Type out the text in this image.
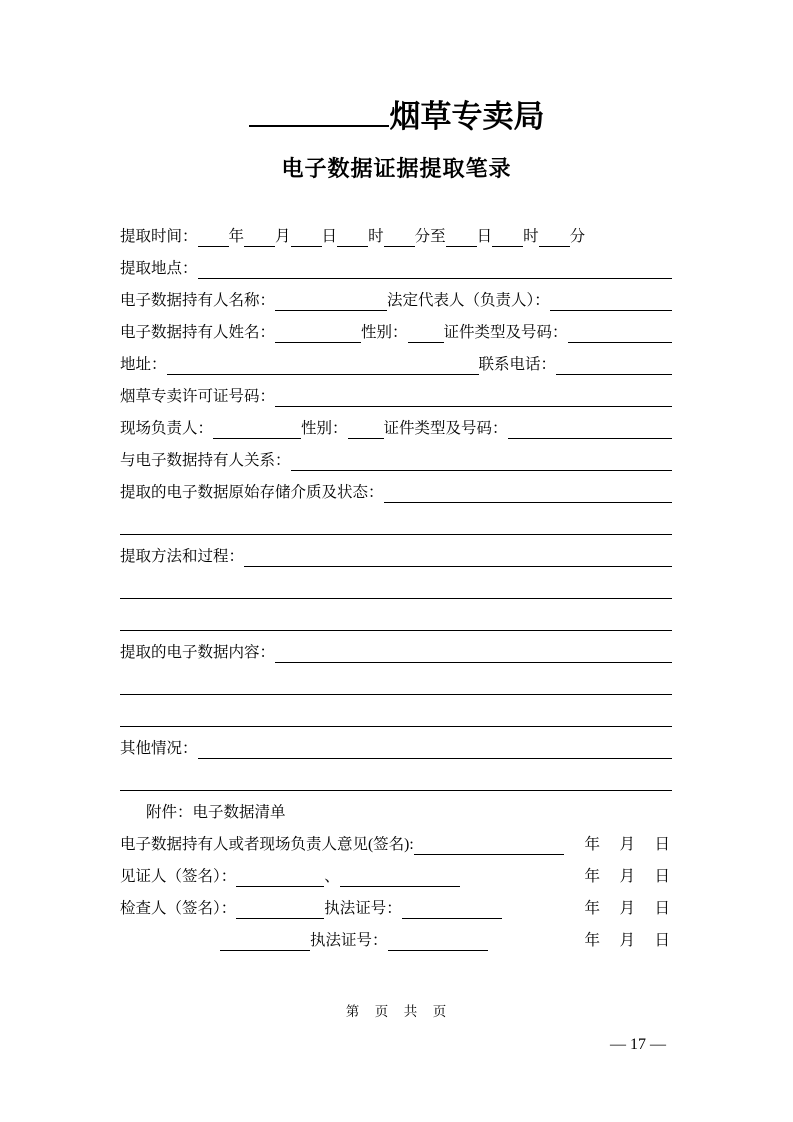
烟草专卖局
电子数据证据提取笔录
提取时间： 年 月 日 时 分至 日 时 分
提取地点：
电子数据持有人名称：	法定代表人（负责人）：
电子数据持有人姓名：	性别： 证件类型及号码：
地址：	联系电话：
烟草专卖许可证号码：
现场负责人：	性别： 证件类型及号码：
与电子数据持有人关系：
提取的电子数据原始存储介质及状态：
提取方法和过程：
提取的电子数据内容：
其他情况：
附件：电子数据清单
电子数据持有人或者现场负责人意见(签名):	年　月　日
见证人（签名）：	、	年　月　日
检查人（签名）：	执法证号：	年　月　日
执法证号：	年　月　日
第　页　共　页
— 17 —
